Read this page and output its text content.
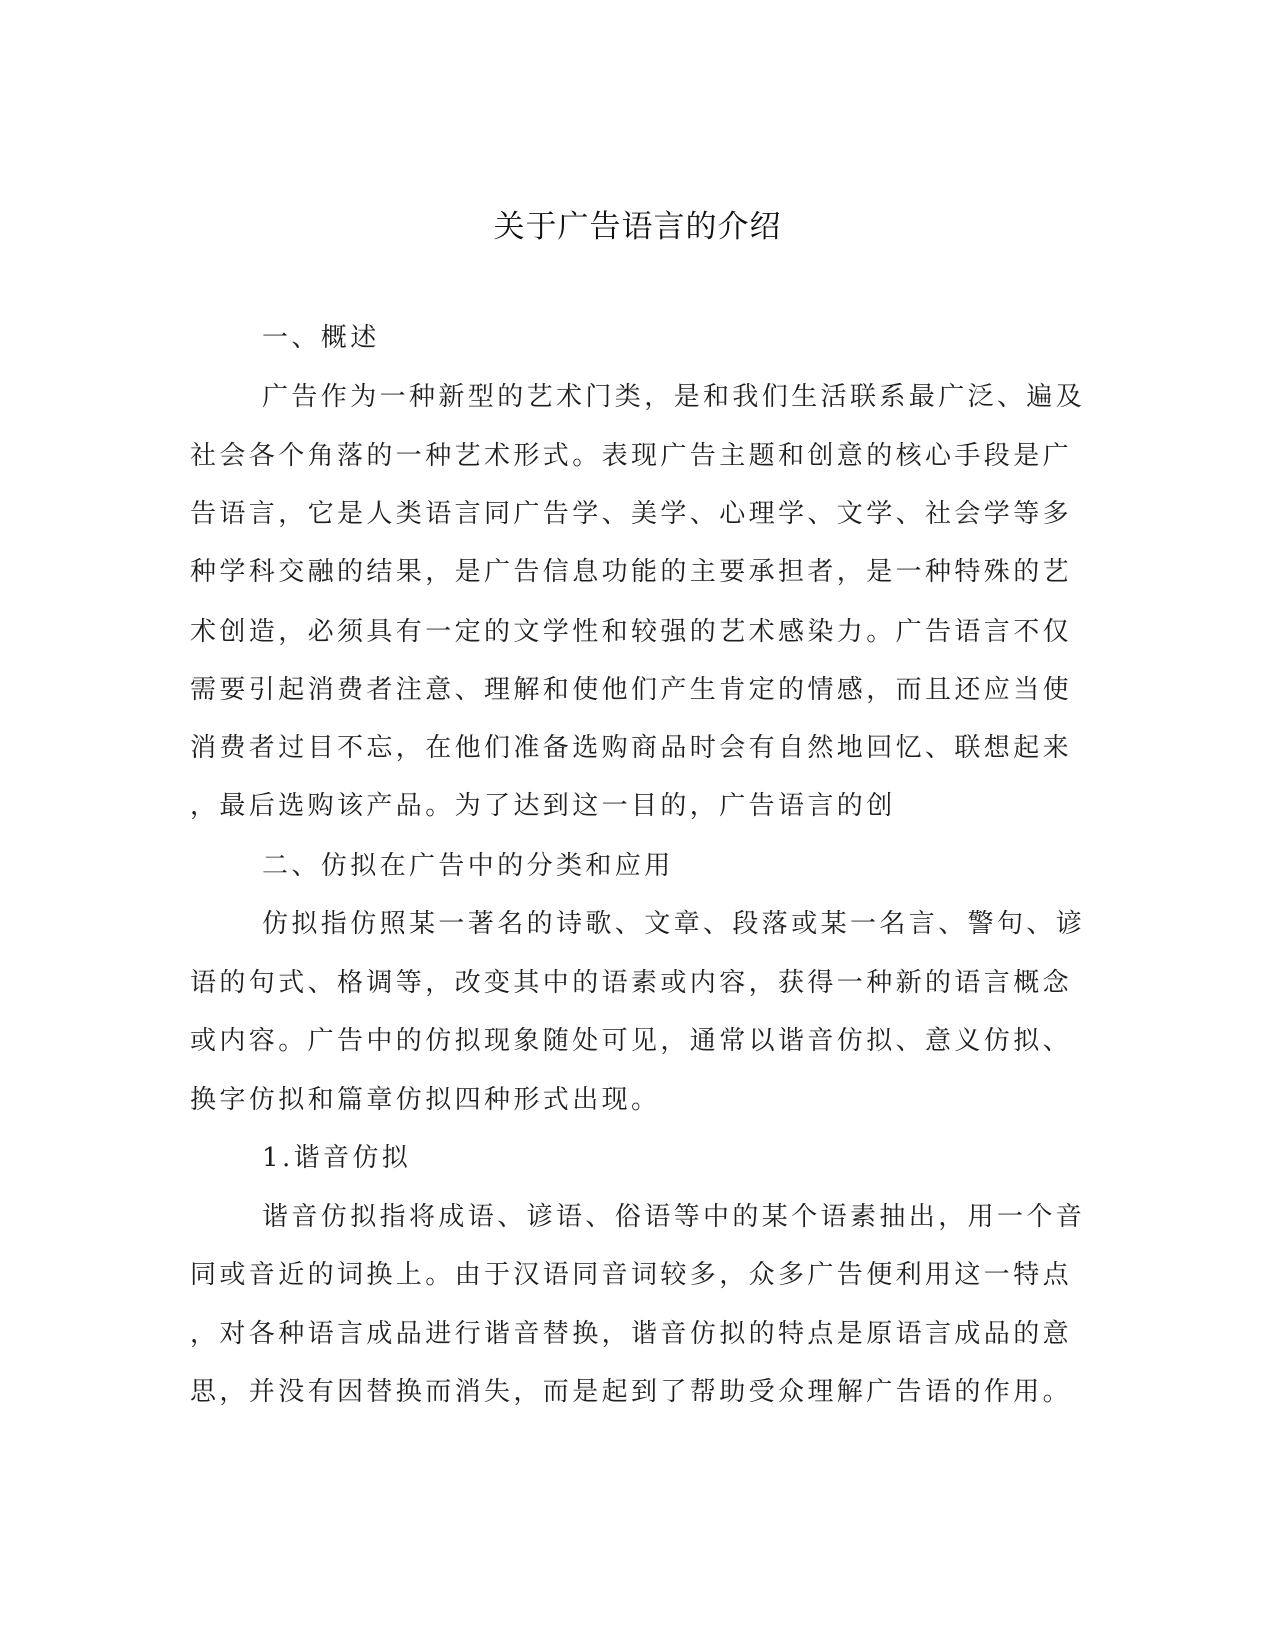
关于广告语言的介绍
一、概述
广告作为一种新型的艺术门类，是和我们生活联系最广泛、遍及
社会各个角落的一种艺术形式。表现广告主题和创意的核心手段是广
告语言，它是人类语言同广告学、美学、心理学、文学、社会学等多
种学科交融的结果，是广告信息功能的主要承担者，是一种特殊的艺
术创造，必须具有一定的文学性和较强的艺术感染力。广告语言不仅
需要引起消费者注意、理解和使他们产生肯定的情感，而且还应当使
消费者过目不忘，在他们准备选购商品时会有自然地回忆、联想起来
，最后选购该产品。为了达到这一目的，广告语言的创
二、仿拟在广告中的分类和应用
仿拟指仿照某一著名的诗歌、文章、段落或某一名言、警句、谚
语的句式、格调等，改变其中的语素或内容，获得一种新的语言概念
或内容。广告中的仿拟现象随处可见，通常以谐音仿拟、意义仿拟、
换字仿拟和篇章仿拟四种形式出现。
1.谐音仿拟
谐音仿拟指将成语、谚语、俗语等中的某个语素抽出，用一个音
同或音近的词换上。由于汉语同音词较多，众多广告便利用这一特点
，对各种语言成品进行谐音替换，谐音仿拟的特点是原语言成品的意
思，并没有因替换而消失，而是起到了帮助受众理解广告语的作用。
